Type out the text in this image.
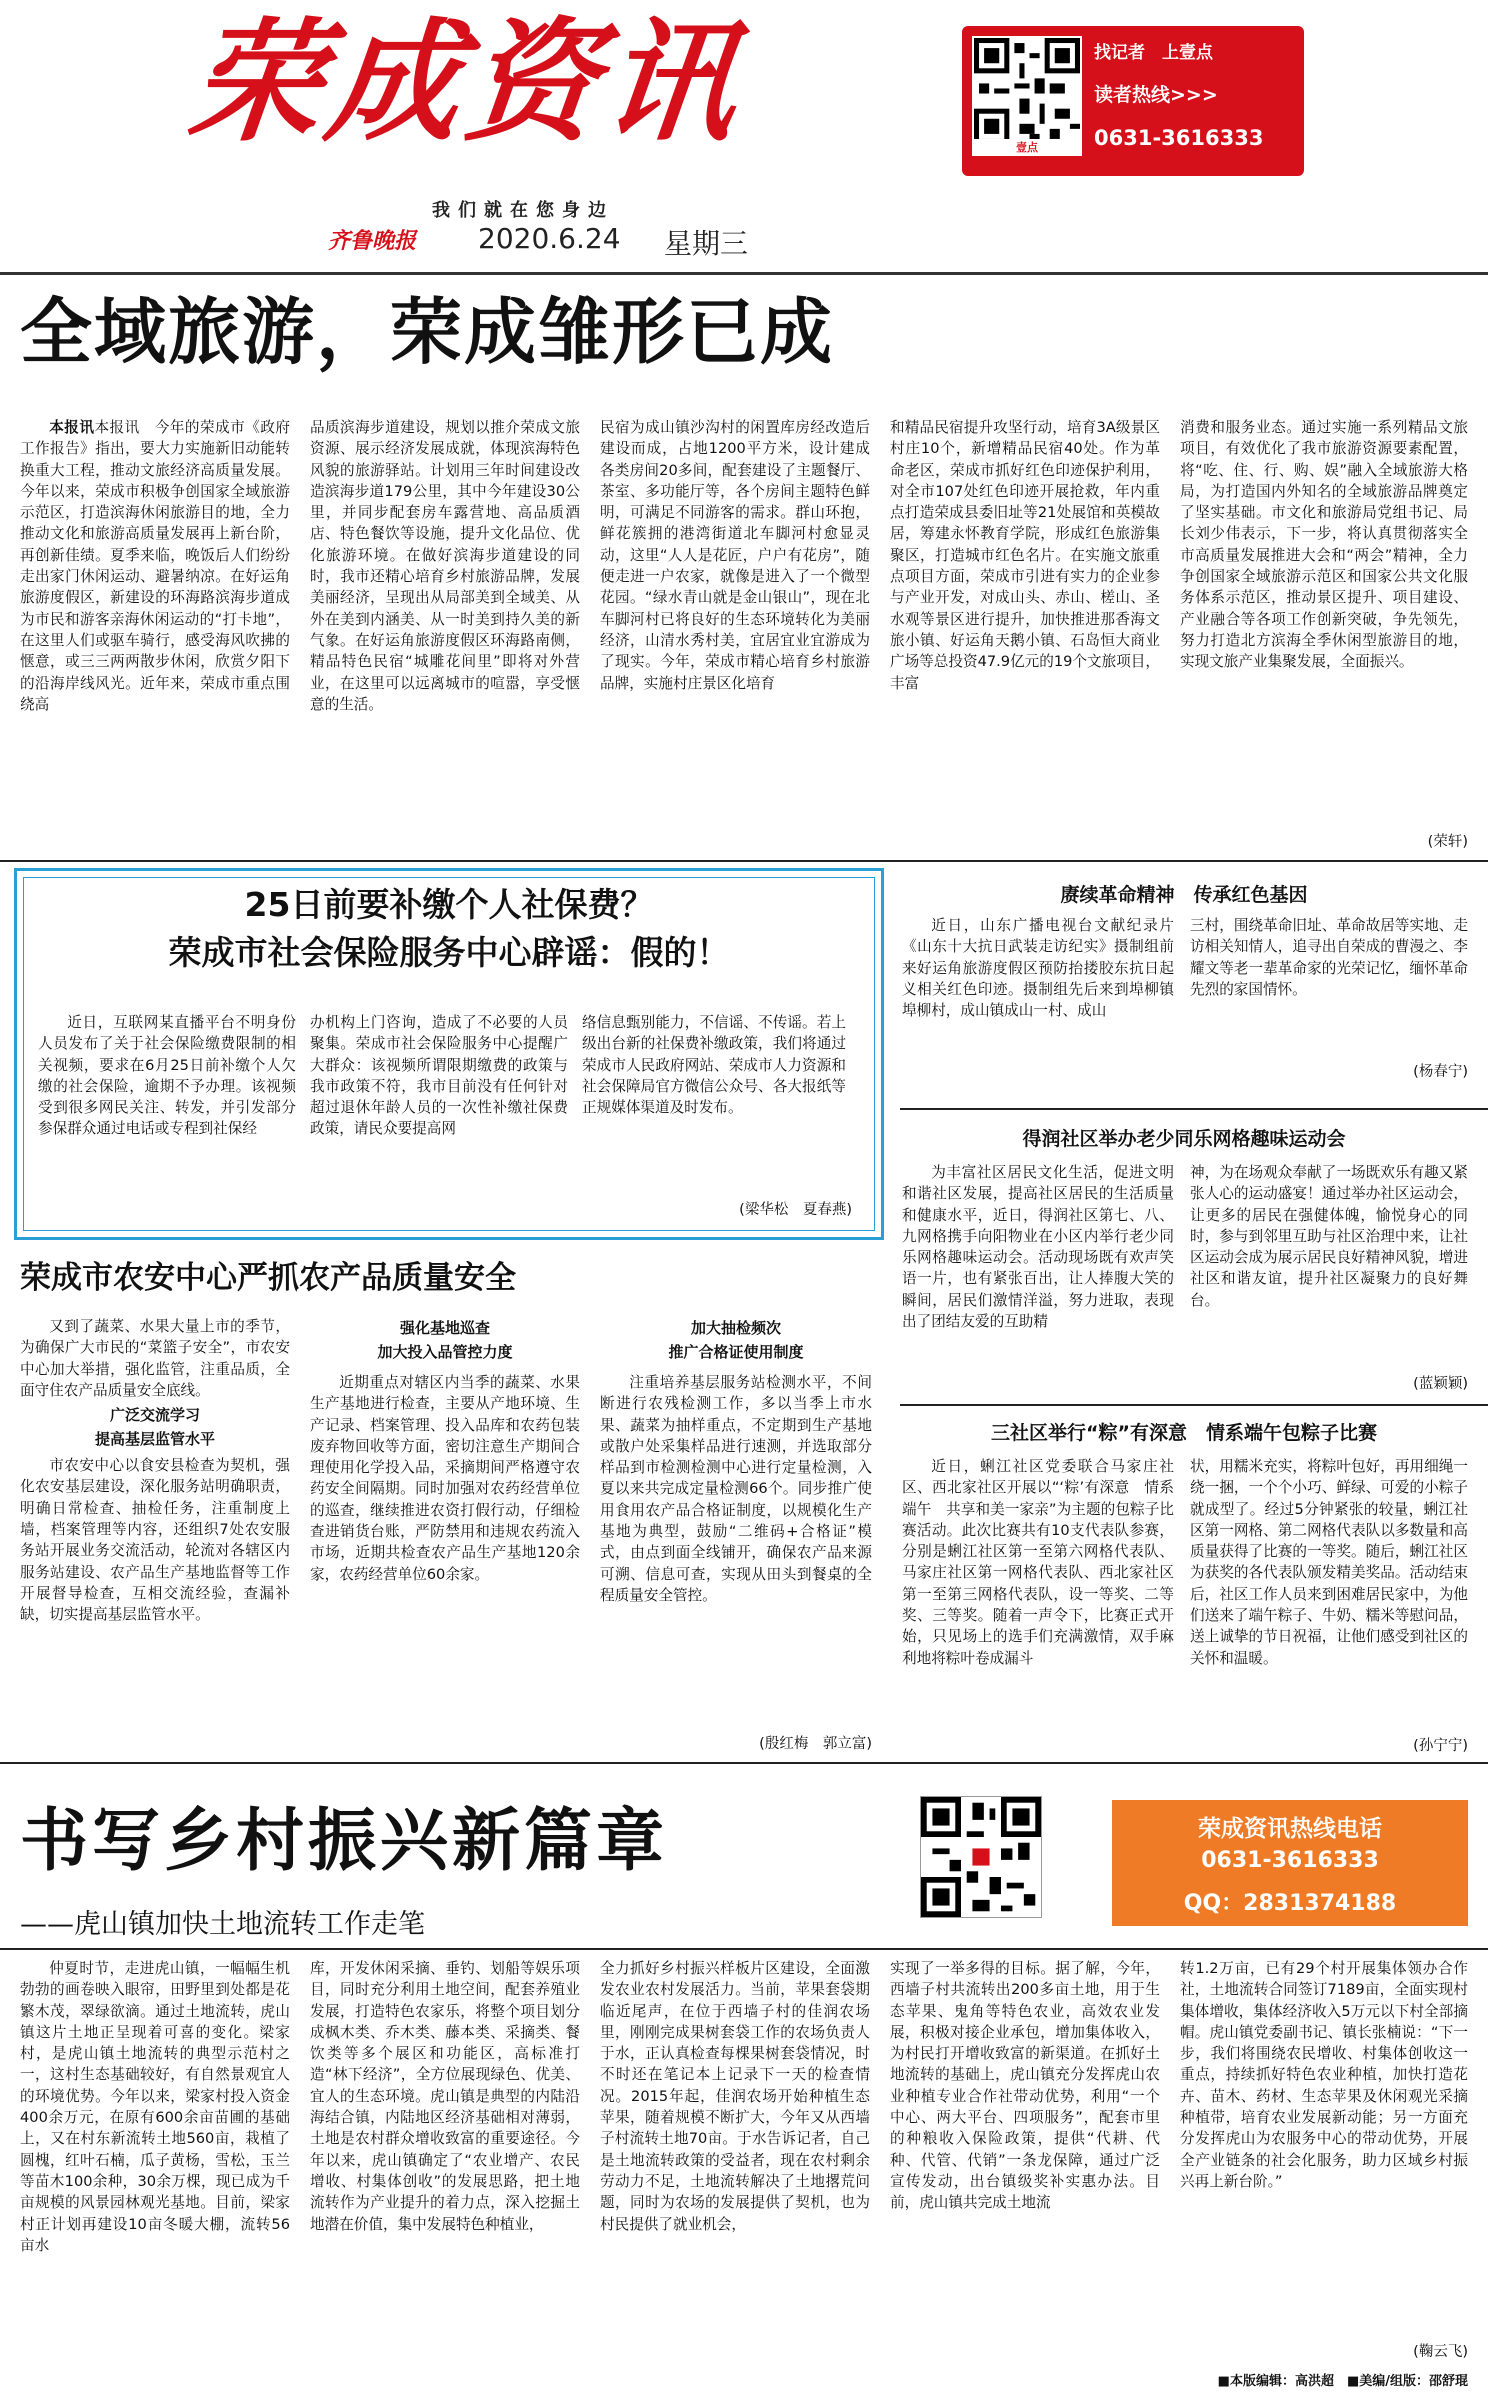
荣成资讯
我们就在您身边
齐鲁晚报 2020.6.24 星期三
壹点
找记者　上壹点
读者热线>>>
0631-3616333
全域旅游，荣成雏形已成

本报讯本报讯　今年的荣成市《政府工作报告》指出，要大力实施新旧动能转换重大工程，推动文旅经济高质量发展。今年以来，荣成市积极争创国家全域旅游示范区，打造滨海休闲旅游目的地，全力推动文化和旅游高质量发展再上新台阶，再创新佳绩。夏季来临，晚饭后人们纷纷走出家门休闲运动、避暑纳凉。在好运角旅游度假区，新建设的环海路滨海步道成为市民和游客亲海休闲运动的“打卡地”，在这里人们或驱车骑行，感受海风吹拂的惬意，或三三两两散步休闲，欣赏夕阳下的沿海岸线风光。近年来，荣成市重点围绕高

品质滨海步道建设，规划以推介荣成文旅资源、展示经济发展成就，体现滨海特色风貌的旅游驿站。计划用三年时间建设改造滨海步道179公里，其中今年建设30公里，并同步配套房车露营地、高品质酒店、特色餐饮等设施，提升文化品位、优化旅游环境。在做好滨海步道建设的同时，我市还精心培育乡村旅游品牌，发展美丽经济，呈现出从局部美到全域美、从外在美到内涵美、从一时美到持久美的新气象。在好运角旅游度假区环海路南侧，精品特色民宿“城雕花间里”即将对外营业，在这里可以远离城市的喧嚣，享受惬意的生活。

民宿为成山镇沙沟村的闲置库房经改造后建设而成，占地1200平方米，设计建成各类房间20多间，配套建设了主题餐厅、茶室、多功能厅等，各个房间主题特色鲜明，可满足不同游客的需求。群山环抱，鲜花簇拥的港湾街道北车脚河村愈显灵动，这里“人人是花匠，户户有花房”，随便走进一户农家，就像是进入了一个微型花园。“绿水青山就是金山银山”，现在北车脚河村已将良好的生态环境转化为美丽经济，山清水秀村美，宜居宜业宜游成为了现实。今年，荣成市精心培育乡村旅游品牌，实施村庄景区化培育

和精品民宿提升攻坚行动，培育3A级景区村庄10个，新增精品民宿40处。作为革命老区，荣成市抓好红色印迹保护利用，对全市107处红色印迹开展抢救，年内重点打造荣成县委旧址等21处展馆和英模故居，筹建永怀教育学院，形成红色旅游集聚区，打造城市红色名片。在实施文旅重点项目方面，荣成市引进有实力的企业参与产业开发，对成山头、赤山、槎山、圣水观等景区进行提升，加快推进那香海文旅小镇、好运角天鹅小镇、石岛恒大商业广场等总投资47.9亿元的19个文旅项目，丰富

消费和服务业态。通过实施一系列精品文旅项目，有效优化了我市旅游资源要素配置，将“吃、住、行、购、娱”融入全域旅游大格局，为打造国内外知名的全域旅游品牌奠定了坚实基础。市文化和旅游局党组书记、局长刘少伟表示，下一步，将认真贯彻落实全市高质量发展推进大会和“两会”精神，全力争创国家全域旅游示范区和国家公共文化服务体系示范区，推动景区提升、项目建设、产业融合等各项工作创新突破，争先领先，努力打造北方滨海全季休闲型旅游目的地，实现文旅产业集聚发展，全面振兴。

(荣轩)
25日前要补缴个人社保费？
荣成市社会保险服务中心辟谣：假的！

近日，互联网某直播平台不明身份人员发布了关于社会保险缴费限制的相关视频，要求在6月25日前补缴个人欠缴的社会保险，逾期不予办理。该视频受到很多网民关注、转发，并引发部分参保群众通过电话或专程到社保经

办机构上门咨询，造成了不必要的人员聚集。荣成市社会保险服务中心提醒广大群众：该视频所谓限期缴费的政策与我市政策不符，我市目前没有任何针对超过退休年龄人员的一次性补缴社保费政策，请民众要提高网

络信息甄别能力，不信谣、不传谣。若上级出台新的社保费补缴政策，我们将通过荣成市人民政府网站、荣成市人力资源和社会保障局官方微信公众号、各大报纸等正规媒体渠道及时发布。

(梁华松　夏春燕)
赓续革命精神　传承红色基因

近日，山东广播电视台文献纪录片《山东十大抗日武装走访纪实》摄制组前来好运角旅游度假区预防抬搂胶东抗日起义相关红色印迹。摄制组先后来到埠柳镇埠柳村，成山镇成山一村、成山

三村，围绕革命旧址、革命故居等实地、走访相关知情人，追寻出自荣成的曹漫之、李耀文等老一辈革命家的光荣记忆，缅怀革命先烈的家国情怀。

(杨春宁)
得润社区举办老少同乐网格趣味运动会

为丰富社区居民文化生活，促进文明和谐社区发展，提高社区居民的生活质量和健康水平，近日，得润社区第七、八、九网格携手向阳物业在小区内举行老少同乐网格趣味运动会。活动现场既有欢声笑语一片，也有紧张百出，让人捧腹大笑的瞬间，居民们激情洋溢，努力进取，表现出了团结友爱的互助精

神，为在场观众奉献了一场既欢乐有趣又紧张人心的运动盛宴！通过举办社区运动会，让更多的居民在强健体魄，愉悦身心的同时，参与到邻里互助与社区治理中来，让社区运动会成为展示居民良好精神风貌，增进社区和谐友谊，提升社区凝聚力的良好舞台。

(蓝颖颖)
荣成市农安中心严抓农产品质量安全

又到了蔬菜、水果大量上市的季节，为确保广大市民的“菜篮子安全”，市农安中心加大举措，强化监管，注重品质，全面守住农产品质量安全底线。

广泛交流学习
提高基层监管水平

市农安中心以食安县检查为契机，强化农安基层建设，深化服务站明确职责，明确日常检查、抽检任务，注重制度上墙，档案管理等内容，还组织7处农安服务站开展业务交流活动，轮流对各辖区内服务站建设、农产品生产基地监督等工作开展督导检查，互相交流经验，查漏补缺，切实提高基层监管水平。

强化基地巡查
加大投入品管控力度

近期重点对辖区内当季的蔬菜、水果生产基地进行检查，主要从产地环境、生产记录、档案管理、投入品库和农药包装废弃物回收等方面，密切注意生产期间合理使用化学投入品，采摘期间严格遵守农药安全间隔期。同时加强对农药经营单位的巡查，继续推进农资打假行动，仔细检查进销货台账，严防禁用和违规农药流入市场，近期共检查农产品生产基地120余家，农药经营单位60余家。

加大抽检频次
推广合格证使用制度

注重培养基层服务站检测水平，不间断进行农残检测工作，多以当季上市水果、蔬菜为抽样重点，不定期到生产基地或散户处采集样品进行速测，并选取部分样品到市检测检测中心进行定量检测，入夏以来共完成定量检测66个。同步推广使用食用农产品合格证制度，以规模化生产基地为典型，鼓励“二维码+合格证”模式，由点到面全线铺开，确保农产品来源可溯、信息可查，实现从田头到餐桌的全程质量安全管控。

(殷红梅　郭立富)
三社区举行“粽”有深意　情系端午包粽子比赛

近日，蜊江社区党委联合马家庄社区、西北家社区开展以“‘粽’有深意　情系端午　共享和美一家亲”为主题的包粽子比赛活动。此次比赛共有10支代表队参赛，分别是蜊江社区第一至第六网格代表队、马家庄社区第一网格代表队、西北家社区第一至第三网格代表队，设一等奖、二等奖、三等奖。随着一声令下，比赛正式开始，只见场上的选手们充满激情，双手麻利地将粽叶卷成漏斗

状，用糯米充实，将粽叶包好，再用细绳一绕一捆，一个个小巧、鲜绿、可爱的小粽子就成型了。经过5分钟紧张的较量，蜊江社区第一网格、第二网格代表队以多数量和高质量获得了比赛的一等奖。随后，蜊江社区为获奖的各代表队颁发精美奖品。活动结束后，社区工作人员来到困难居民家中，为他们送来了端午粽子、牛奶、糯米等慰问品，送上诚挚的节日祝福，让他们感受到社区的关怀和温暖。

(孙宁宁)
书写乡村振兴新篇章
——虎山镇加快土地流转工作走笔
荣成资讯热线电话
0631-3616333
QQ：2831374188

仲夏时节，走进虎山镇，一幅幅生机勃勃的画卷映入眼帘，田野里到处都是花繁木茂，翠绿欲滴。通过土地流转，虎山镇这片土地正呈现着可喜的变化。梁家村，是虎山镇土地流转的典型示范村之一，这村生态基础较好，有自然景观宜人的环境优势。今年以来，梁家村投入资金400余万元，在原有600余亩苗圃的基础上，又在村东新流转土地560亩，栽植了圆槐，红叶石楠，瓜子黄杨，雪松，玉兰等苗木100余种，30余万棵，现已成为千亩规模的风景园林观光基地。目前，梁家村正计划再建设10亩冬暖大棚，流转56亩水

库，开发休闲采摘、垂钓、划船等娱乐项目，同时充分利用土地空间，配套养殖业发展，打造特色农家乐，将整个项目划分成枫木类、乔木类、藤本类、采摘类、餐饮类等多个展区和功能区，高标准打造“林下经济”，全方位展现绿色、优美、宜人的生态环境。虎山镇是典型的内陆沿海结合镇，内陆地区经济基础相对薄弱，土地是农村群众增收致富的重要途径。今年以来，虎山镇确定了“农业增产、农民增收、村集体创收”的发展思路，把土地流转作为产业提升的着力点，深入挖掘土地潜在价值，集中发展特色种植业，

全力抓好乡村振兴样板片区建设，全面激发农业农村发展活力。当前，苹果套袋期临近尾声，在位于西墙子村的佳润农场里，刚刚完成果树套袋工作的农场负责人于水，正认真检查每棵果树套袋情况，时不时还在笔记本上记录下一天的检查情况。2015年起，佳润农场开始种植生态苹果，随着规模不断扩大，今年又从西墙子村流转土地70亩。于水告诉记者，自己是土地流转政策的受益者，现在农村剩余劳动力不足，土地流转解决了土地撂荒问题，同时为农场的发展提供了契机，也为村民提供了就业机会，

实现了一举多得的目标。据了解，今年，西墙子村共流转出200多亩土地，用于生态苹果、鬼角等特色农业，高效农业发展，积极对接企业承包，增加集体收入，为村民打开增收致富的新渠道。在抓好土地流转的基础上，虎山镇充分发挥虎山农业种植专业合作社带动优势，利用“一个中心、两大平台、四项服务”，配套市里的种粮收入保险政策，提供“代耕、代种、代管、代销”一条龙保障，通过广泛宣传发动，出台镇级奖补实惠办法。目前，虎山镇共完成土地流

转1.2万亩，已有29个村开展集体领办合作社，土地流转合同签订7189亩，全面实现村集体增收，集体经济收入5万元以下村全部摘帽。虎山镇党委副书记、镇长张楠说：“下一步，我们将围绕农民增收、村集体创收这一重点，持续抓好特色农业种植，加快打造花卉、苗木、药材、生态苹果及休闲观光采摘种植带，培育农业发展新动能；另一方面充分发挥虎山为农服务中心的带动优势，开展全产业链条的社会化服务，助力区域乡村振兴再上新台阶。”

(鞠云飞)
■本版编辑：高洪超　■美编/组版：邵舒琨
